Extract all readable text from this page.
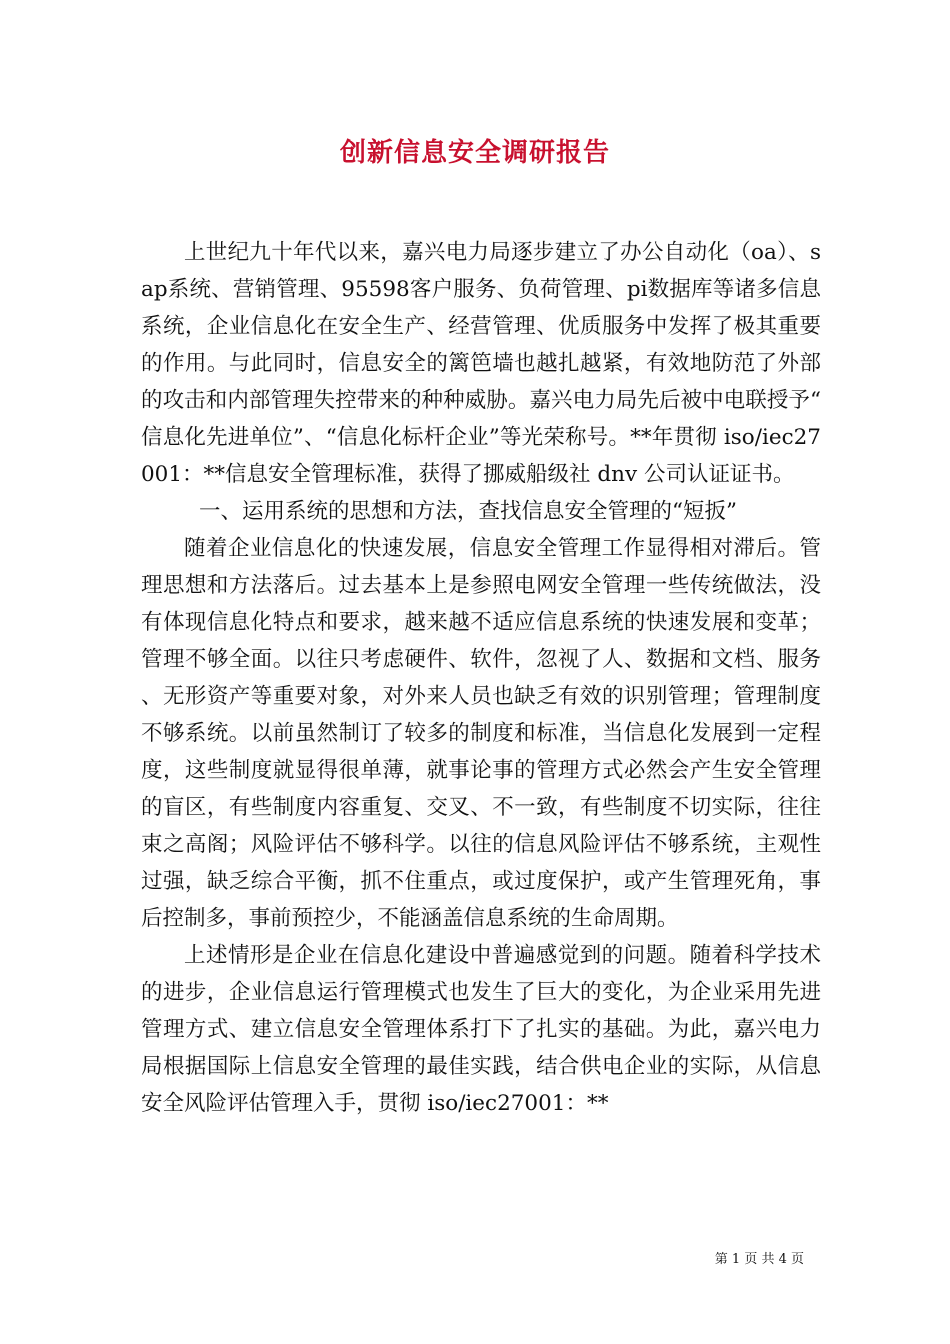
创新信息安全调研报告

上世纪九十年代以来，嘉兴电力局逐步建立了办公自动化（oa）、sap系统、营销管理、95598客户服务、负荷管理、pi数据库等诸多信息系统，企业信息化在安全生产、经营管理、优质服务中发挥了极其重要的作用。与此同时，信息安全的篱笆墙也越扎越紧，有效地防范了外部的攻击和内部管理失控带来的种种威胁。嘉兴电力局先后被中电联授予“信息化先进单位”、“信息化标杆企业”等光荣称号。**年贯彻 iso/iec27001：**信息安全管理标准，获得了挪威船级社 dnv 公司认证证书。

一、运用系统的思想和方法，查找信息安全管理的“短扳”

随着企业信息化的快速发展，信息安全管理工作显得相对滞后。管理思想和方法落后。过去基本上是参照电网安全管理一些传统做法，没有体现信息化特点和要求，越来越不适应信息系统的快速发展和变革；管理不够全面。以往只考虑硬件、软件，忽视了人、数据和文档、服务、无形资产等重要对象，对外来人员也缺乏有效的识别管理；管理制度不够系统。以前虽然制订了较多的制度和标准，当信息化发展到一定程度，这些制度就显得很单薄，就事论事的管理方式必然会产生安全管理的盲区，有些制度内容重复、交叉、不一致，有些制度不切实际，往往束之高阁；风险评估不够科学。以往的信息风险评估不够系统，主观性过强，缺乏综合平衡，抓不住重点，或过度保护，或产生管理死角，事后控制多，事前预控少，不能涵盖信息系统的生命周期。

上述情形是企业在信息化建设中普遍感觉到的问题。随着科学技术的进步，企业信息运行管理模式也发生了巨大的变化，为企业采用先进管理方式、建立信息安全管理体系打下了扎实的基础。为此，嘉兴电力局根据国际上信息安全管理的最佳实践，结合供电企业的实际，从信息安全风险评估管理入手，贯彻 iso/iec27001：**

第 1 页 共 4 页
